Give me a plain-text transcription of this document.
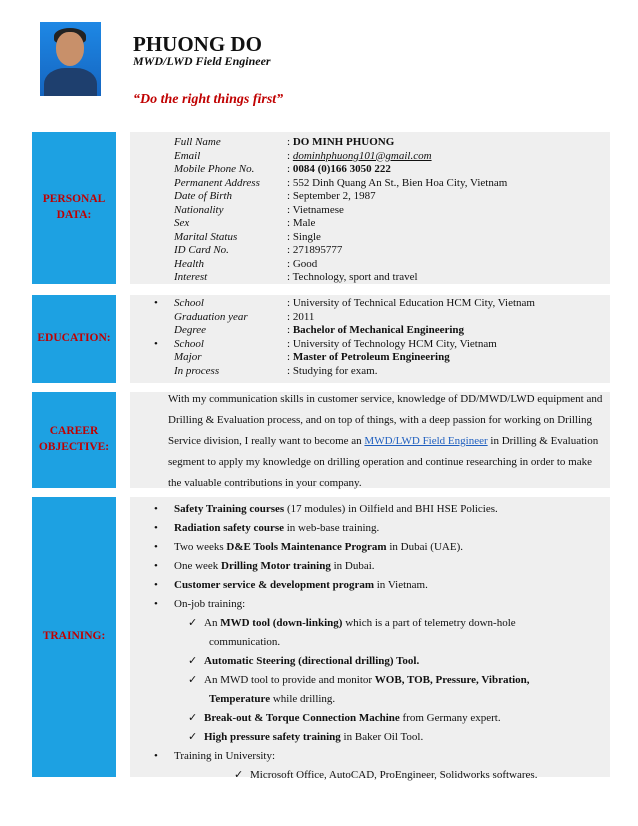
PHUONG DO
MWD/LWD Field Engineer
“Do the right things first”
PERSONAL DATA:
Full Name	: DO MINH PHUONG
Email	: dominhphuong101@gmail.com
Mobile Phone No.	: 0084 (0)166 3050 222
Permanent Address	: 552 Dinh Quang An St., Bien Hoa City, Vietnam
Date of Birth	: September 2, 1987
Nationality	: Vietnamese
Sex	: Male
Marital Status	: Single
ID Card No.	: 271895777
Health	: Good
Interest	: Technology, sport and travel
EDUCATION:
•	School	: University of Technical Education HCM City, Vietnam
Graduation year	: 2011
Degree	: Bachelor of Mechanical Engineering
•	School	: University of Technology HCM City, Vietnam
Major	: Master of Petroleum Engineering
In process	: Studying for exam.
CAREER OBJECTIVE:
With my communication skills in customer service, knowledge of DD/MWD/LWD equipment and Drilling & Evaluation process, and on top of things, with a deep passion for working on Drilling Service division, I really want to become an MWD/LWD Field Engineer in Drilling & Evaluation segment to apply my knowledge on drilling operation and continue researching in order to make the valuable contributions in your company.
TRAINING:
• Safety Training courses (17 modules) in Oilfield and BHI HSE Policies.
• Radiation safety course in web-base training.
• Two weeks D&E Tools Maintenance Program in Dubai (UAE).
• One week Drilling Motor training in Dubai.
• Customer service & development program in Vietnam.
• On-job training:
✓ An MWD tool (down-linking) which is a part of telemetry down-hole
communication.
✓ Automatic Steering (directional drilling) Tool.
✓ An MWD tool to provide and monitor WOB, TOB, Pressure, Vibration,
Temperature while drilling.
✓ Break-out & Torque Connection Machine from Germany expert.
✓ High pressure safety training in Baker Oil Tool.
• Training in University:
✓ Microsoft Office, AutoCAD, ProEngineer, Solidworks softwares.
